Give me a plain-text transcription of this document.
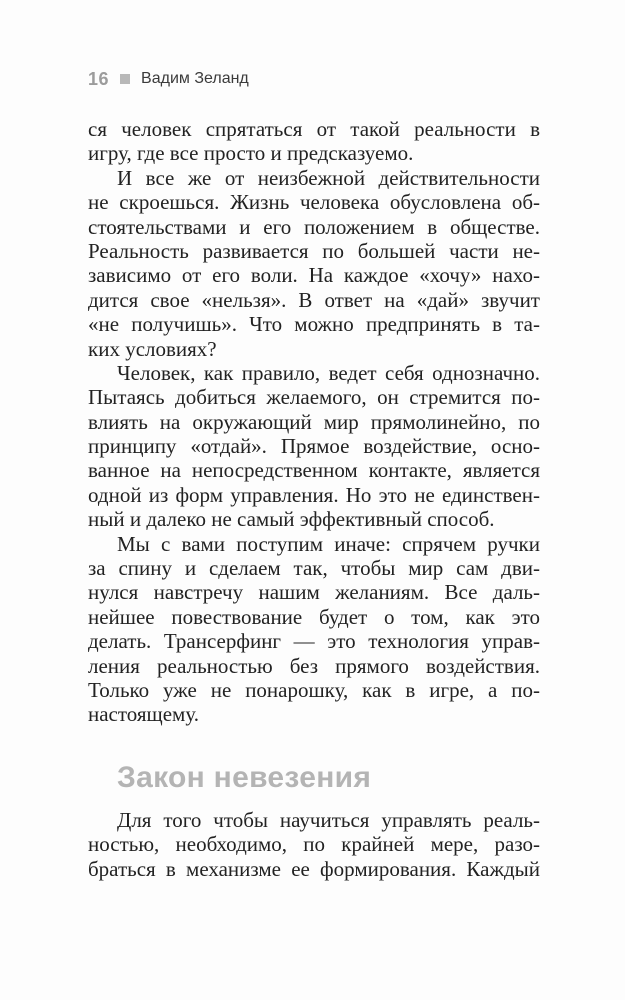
16 Вадим Зеланд
ся человек спрятаться от такой реальности в
игру, где все просто и предсказуемо.
И все же от неизбежной действительности
не скроешься. Жизнь человека обусловлена об-
стоятельствами и его положением в обществе.
Реальность развивается по большей части не-
зависимо от его воли. На каждое «хочу» нахо-
дится свое «нельзя». В ответ на «дай» звучит
«не получишь». Что можно предпринять в та-
ких условиях?
Человек, как правило, ведет себя однозначно.
Пытаясь добиться желаемого, он стремится по-
влиять на окружающий мир прямолинейно, по
принципу «отдай». Прямое воздействие, осно-
ванное на непосредственном контакте, является
одной из форм управления. Но это не единствен-
ный и далеко не самый эффективный способ.
Мы с вами поступим иначе: спрячем ручки
за спину и сделаем так, чтобы мир сам дви-
нулся навстречу нашим желаниям. Все даль-
нейшее повествование будет о том, как это
делать. Трансерфинг — это технология управ-
ления реальностью без прямого воздействия.
Только уже не понарошку, как в игре, а по-
настоящему.
Закон невезения
Для того чтобы научиться управлять реаль-
ностью, необходимо, по крайней мере, разо-
браться в механизме ее формирования. Каждый
